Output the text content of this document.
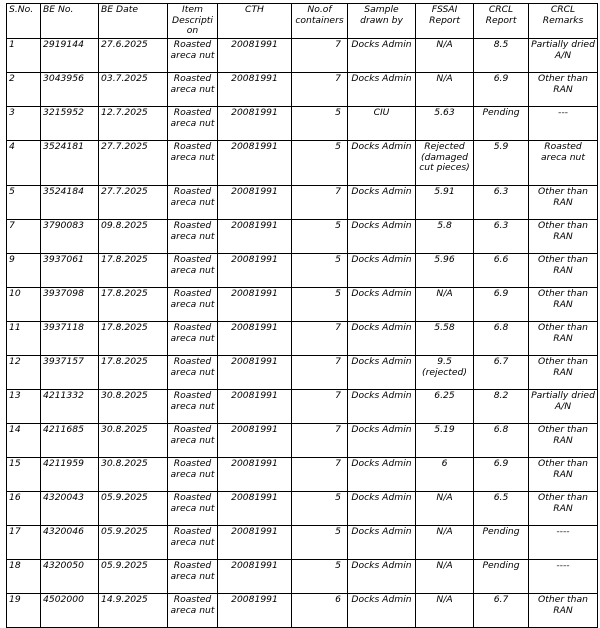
S.No.	BE No.	BE Date	Item Description	CTH	No.of containers	Sample drawn by	FSSAI Report	CRCL Report	CRCL Remarks
1	2919144	27.6.2025	Roasted areca nut	20081991	7	Docks Admin	N/A	8.5	Partially dried A/N
2	3043956	03.7.2025	Roasted areca nut	20081991	7	Docks Admin	N/A	6.9	Other than RAN
3	3215952	12.7.2025	Roasted areca nut	20081991	5	CIU	5.63	Pending	---
4	3524181	27.7.2025	Roasted areca nut	20081991	5	Docks Admin	Rejected (damaged cut pieces)	5.9	Roasted areca nut
5	3524184	27.7.2025	Roasted areca nut	20081991	7	Docks Admin	5.91	6.3	Other than RAN
7	3790083	09.8.2025	Roasted areca nut	20081991	5	Docks Admin	5.8	6.3	Other than RAN
9	3937061	17.8.2025	Roasted areca nut	20081991	5	Docks Admin	5.96	6.6	Other than RAN
10	3937098	17.8.2025	Roasted areca nut	20081991	5	Docks Admin	N/A	6.9	Other than RAN
11	3937118	17.8.2025	Roasted areca nut	20081991	7	Docks Admin	5.58	6.8	Other than RAN
12	3937157	17.8.2025	Roasted areca nut	20081991	7	Docks Admin	9.5 (rejected)	6.7	Other than RAN
13	4211332	30.8.2025	Roasted areca nut	20081991	7	Docks Admin	6.25	8.2	Partially dried A/N
14	4211685	30.8.2025	Roasted areca nut	20081991	7	Docks Admin	5.19	6.8	Other than RAN
15	4211959	30.8.2025	Roasted areca nut	20081991	7	Docks Admin	6	6.9	Other than RAN
16	4320043	05.9.2025	Roasted areca nut	20081991	5	Docks Admin	N/A	6.5	Other than RAN
17	4320046	05.9.2025	Roasted areca nut	20081991	5	Docks Admin	N/A	Pending	----
18	4320050	05.9.2025	Roasted areca nut	20081991	5	Docks Admin	N/A	Pending	----
19	4502000	14.9.2025	Roasted areca nut	20081991	6	Docks Admin	N/A	6.7	Other than RAN
